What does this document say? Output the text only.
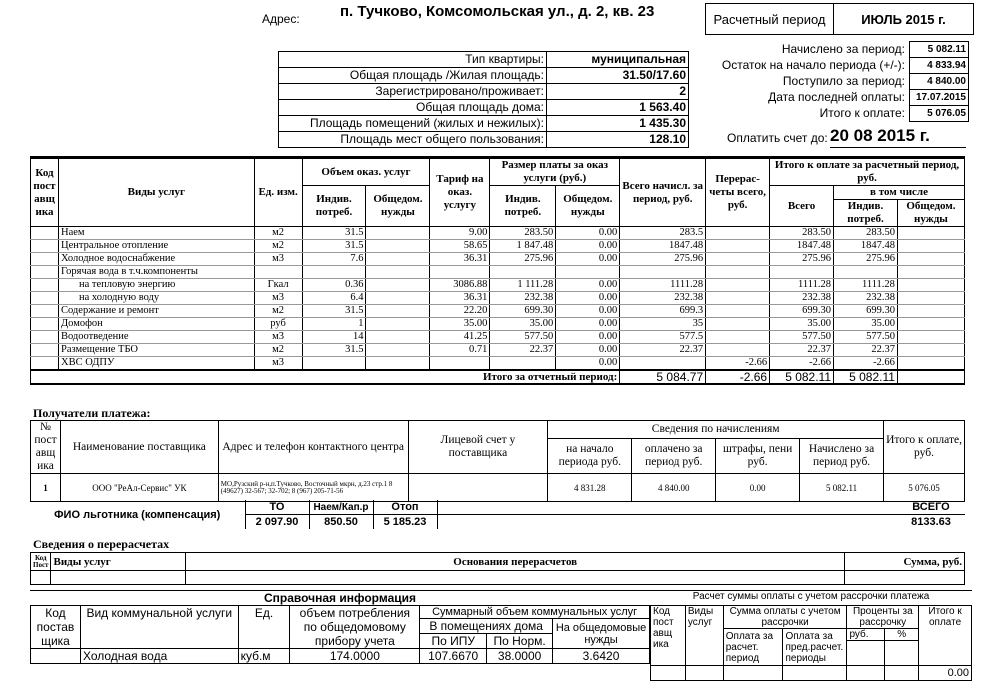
Адрес:	п. Тучково, Комсомольская ул., д. 2, кв. 23	Расчетный период	ИЮЛЬ 2015 г.
Тип квартиры:	муниципальная
Общая площадь /Жилая площадь:	31.50/17.60
Зарегистрировано/проживает:	2
Общая площадь дома:	1 563.40
Площадь помещений (жилых и нежилых):	1 435.30
Площадь мест общего пользования:	128.10
Начислено за период:	5 082.11
Остаток на начало периода (+/-):	4 833.94
Поступило за период:	4 840.00
Дата последней оплаты:	17.07.2015
Итого к оплате:	5 076.05
Оплатить счет до: 20 08 2015 г.
Код пост авщ ика	Виды услуг	Ед. изм.	Объем оказ. услуг		Тариф на оказ. услугу	Размер платы за оказ услуги (руб.)		Всего начисл. за период, руб.	Перерас- четы всего, руб.	Итого к оплате за расчетный период, руб.		
			Индив. потреб.	Общедом. нужды		Индив. потреб.	Общедом. нужды			Всего	в том числе	
											Индив. потреб.	Общедом. нужды
	Наем	м2	31.5		9.00	283.50	0.00	283.5		283.50	283.50	
	Центральное отопление	м2	31.5		58.65	1 847.48	0.00	1847.48		1847.48	1847.48	
	Холодное водоснабжение	м3	7.6		36.31	275.96	0.00	275.96		275.96	275.96	
	Горячая вода в т.ч.компоненты											
	на тепловую энергию	Гкал	0.36		3086.88	1 111.28	0.00	1111.28		1111.28	1111.28	
	на холодную воду	м3	6.4		36.31	232.38	0.00	232.38		232.38	232.38	
	Содержание и ремонт	м2	31.5		22.20	699.30	0.00	699.3		699.30	699.30	
	Домофон	руб	1		35.00	35.00	0.00	35		35.00	35.00	
	Водоотведение	м3	14		41.25	577.50	0.00	577.5		577.50	577.50	
	Размещение ТБО	м2	31.5		0.71	22.37	0.00	22.37		22.37	22.37	
	ХВС ОДПУ	м3					0.00		-2.66	-2.66	-2.66	
Итого за отчетный период:								5 084.77	-2.66	5 082.11	5 082.11	
Получатели платежа:
№ пост авщ ика	Наименование поставщика	Адрес и телефон контактного центра	Лицевой счет у поставщика	Сведения по начислениям				Итого к оплате, руб.
				на начало периода руб.	оплачено за период руб.	штрафы, пени руб.	Начислено за период руб.	
1	ООО "РеАл-Сервис" УК	МО,Рузский р-н,п.Тучково, Восточный мкрн, д.23 стр.1 8 (49627) 32-567; 32-702; 8 (967) 205-71-56		4 831.28	4 840.00	0.00	5 082.11	5 076.05
ФИО льготника (компенсация)	ТО	Наем/Кап.р	Отоп		ВСЕГО
	2 097.90	850.50	5 185.23		8133.63
Сведения о перерасчетах
Код Пост	Виды услуг	Основания перерасчетов	Сумма, руб.

Справочная информация
Код постав щика	Вид коммунальной услуги	Ед.	объем потребления по общедомовому прибору учета	Суммарный объем коммунальных услуг		
				В помещениях дома		На общедомовые нужды
				По ИПУ	По Норм.	
	Холодная вода	куб.м	174.0000	107.6670	38.0000	3.6420
Расчет суммы оплаты с учетом рассрочки платежа
Код пост авщ ика	Виды услуг	Сумма оплаты с учетом рассрочки		Проценты за рассрочку		Итого к оплате
		Оплата за расчет. период	Оплата за пред.расчет. периоды	руб.	%	

						0.00
